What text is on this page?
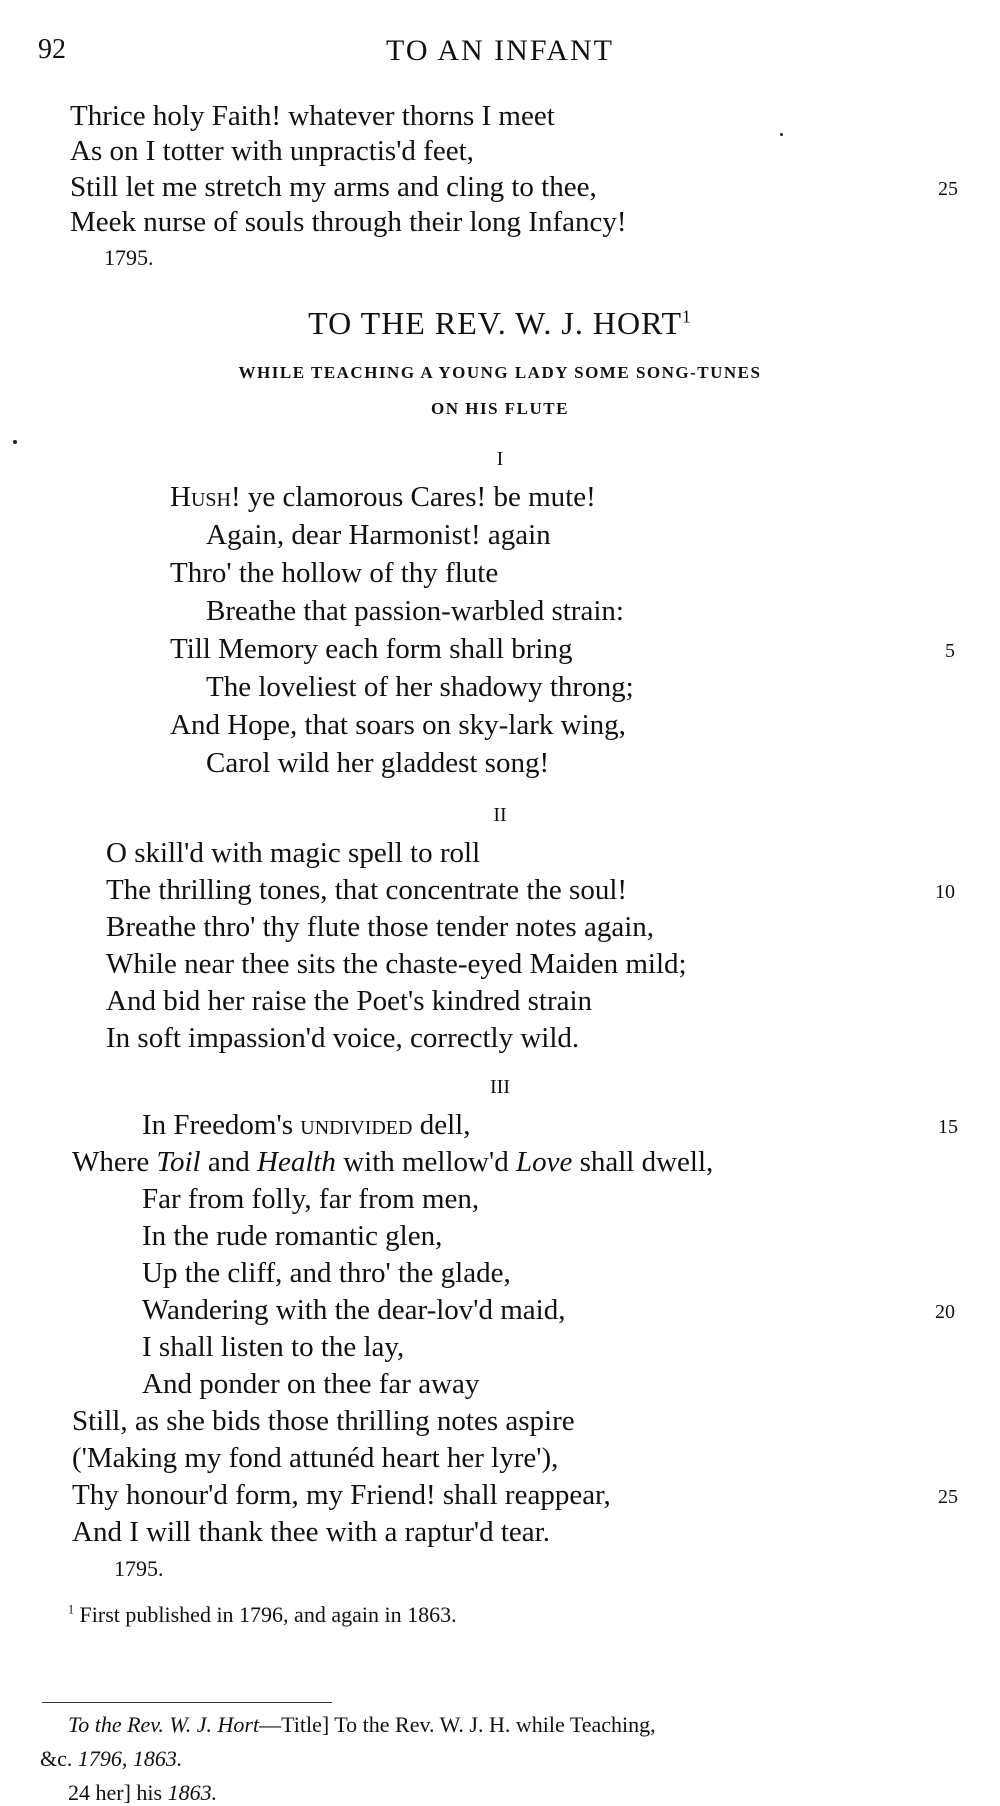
92	TO AN INFANT
Thrice holy Faith! whatever thorns I meet
As on I totter with unpractis'd feet,
Still let me stretch my arms and cling to thee,	25
Meek nurse of souls through their long Infancy!
1795.
TO THE REV. W. J. HORT$^1$
WHILE TEACHING A YOUNG LADY SOME SONG-TUNES
ON HIS FLUTE
I
Hush! ye clamorous Cares! be mute!
Again, dear Harmonist! again
Thro' the hollow of thy flute
Breathe that passion-warbled strain:
Till Memory each form shall bring	5
The loveliest of her shadowy throng;
And Hope, that soars on sky-lark wing,
Carol wild her gladdest song!
II
O skill'd with magic spell to roll
The thrilling tones, that concentrate the soul!	10
Breathe thro' thy flute those tender notes again,
While near thee sits the chaste-eyed Maiden mild;
And bid her raise the Poet's kindred strain
In soft impassion'd voice, correctly wild.
III
In Freedom's undivided dell,	15
Where Toil and Health with mellow'd Love shall dwell,
Far from folly, far from men,
In the rude romantic glen,
Up the cliff, and thro' the glade,
Wandering with the dear-lov'd maid,	20
I shall listen to the lay,
And ponder on thee far away
Still, as she bids those thrilling notes aspire
('Making my fond attunéd heart her lyre'),
Thy honour'd form, my Friend! shall reappear,	25
And I will thank thee with a raptur'd tear.
1795.
$^1$ First published in 1796, and again in 1863.
To the Rev. W. J. Hort—Title] To the Rev. W. J. H. while Teaching,
&c. 1796, 1863.
24 her] his 1863.
